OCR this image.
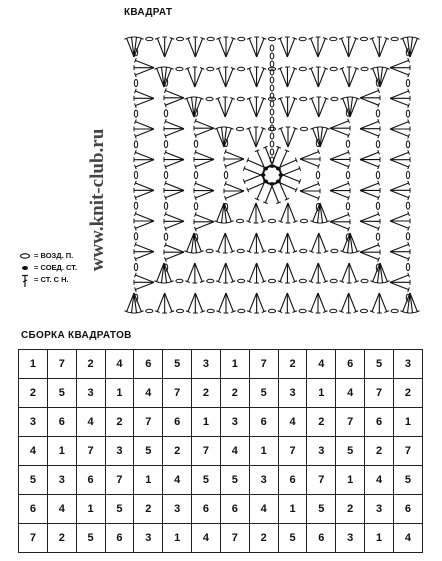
КВАДРАТ
www.knit-club.ru
= ВОЗД. П.
= СОЕД. СТ.
= СТ. С Н.
СБОРКА КВАДРАТОВ
1	7	2	4	6	5	3	1	7	2	4	6	5	3
2	5	3	1	4	7	2	2	5	3	1	4	7	2
3	6	4	2	7	6	1	3	6	4	2	7	6	1
4	1	7	3	5	2	7	4	1	7	3	5	2	7
5	3	6	7	1	4	5	5	3	6	7	1	4	5
6	4	1	5	2	3	6	6	4	1	5	2	3	6
7	2	5	6	3	1	4	7	2	5	6	3	1	4
